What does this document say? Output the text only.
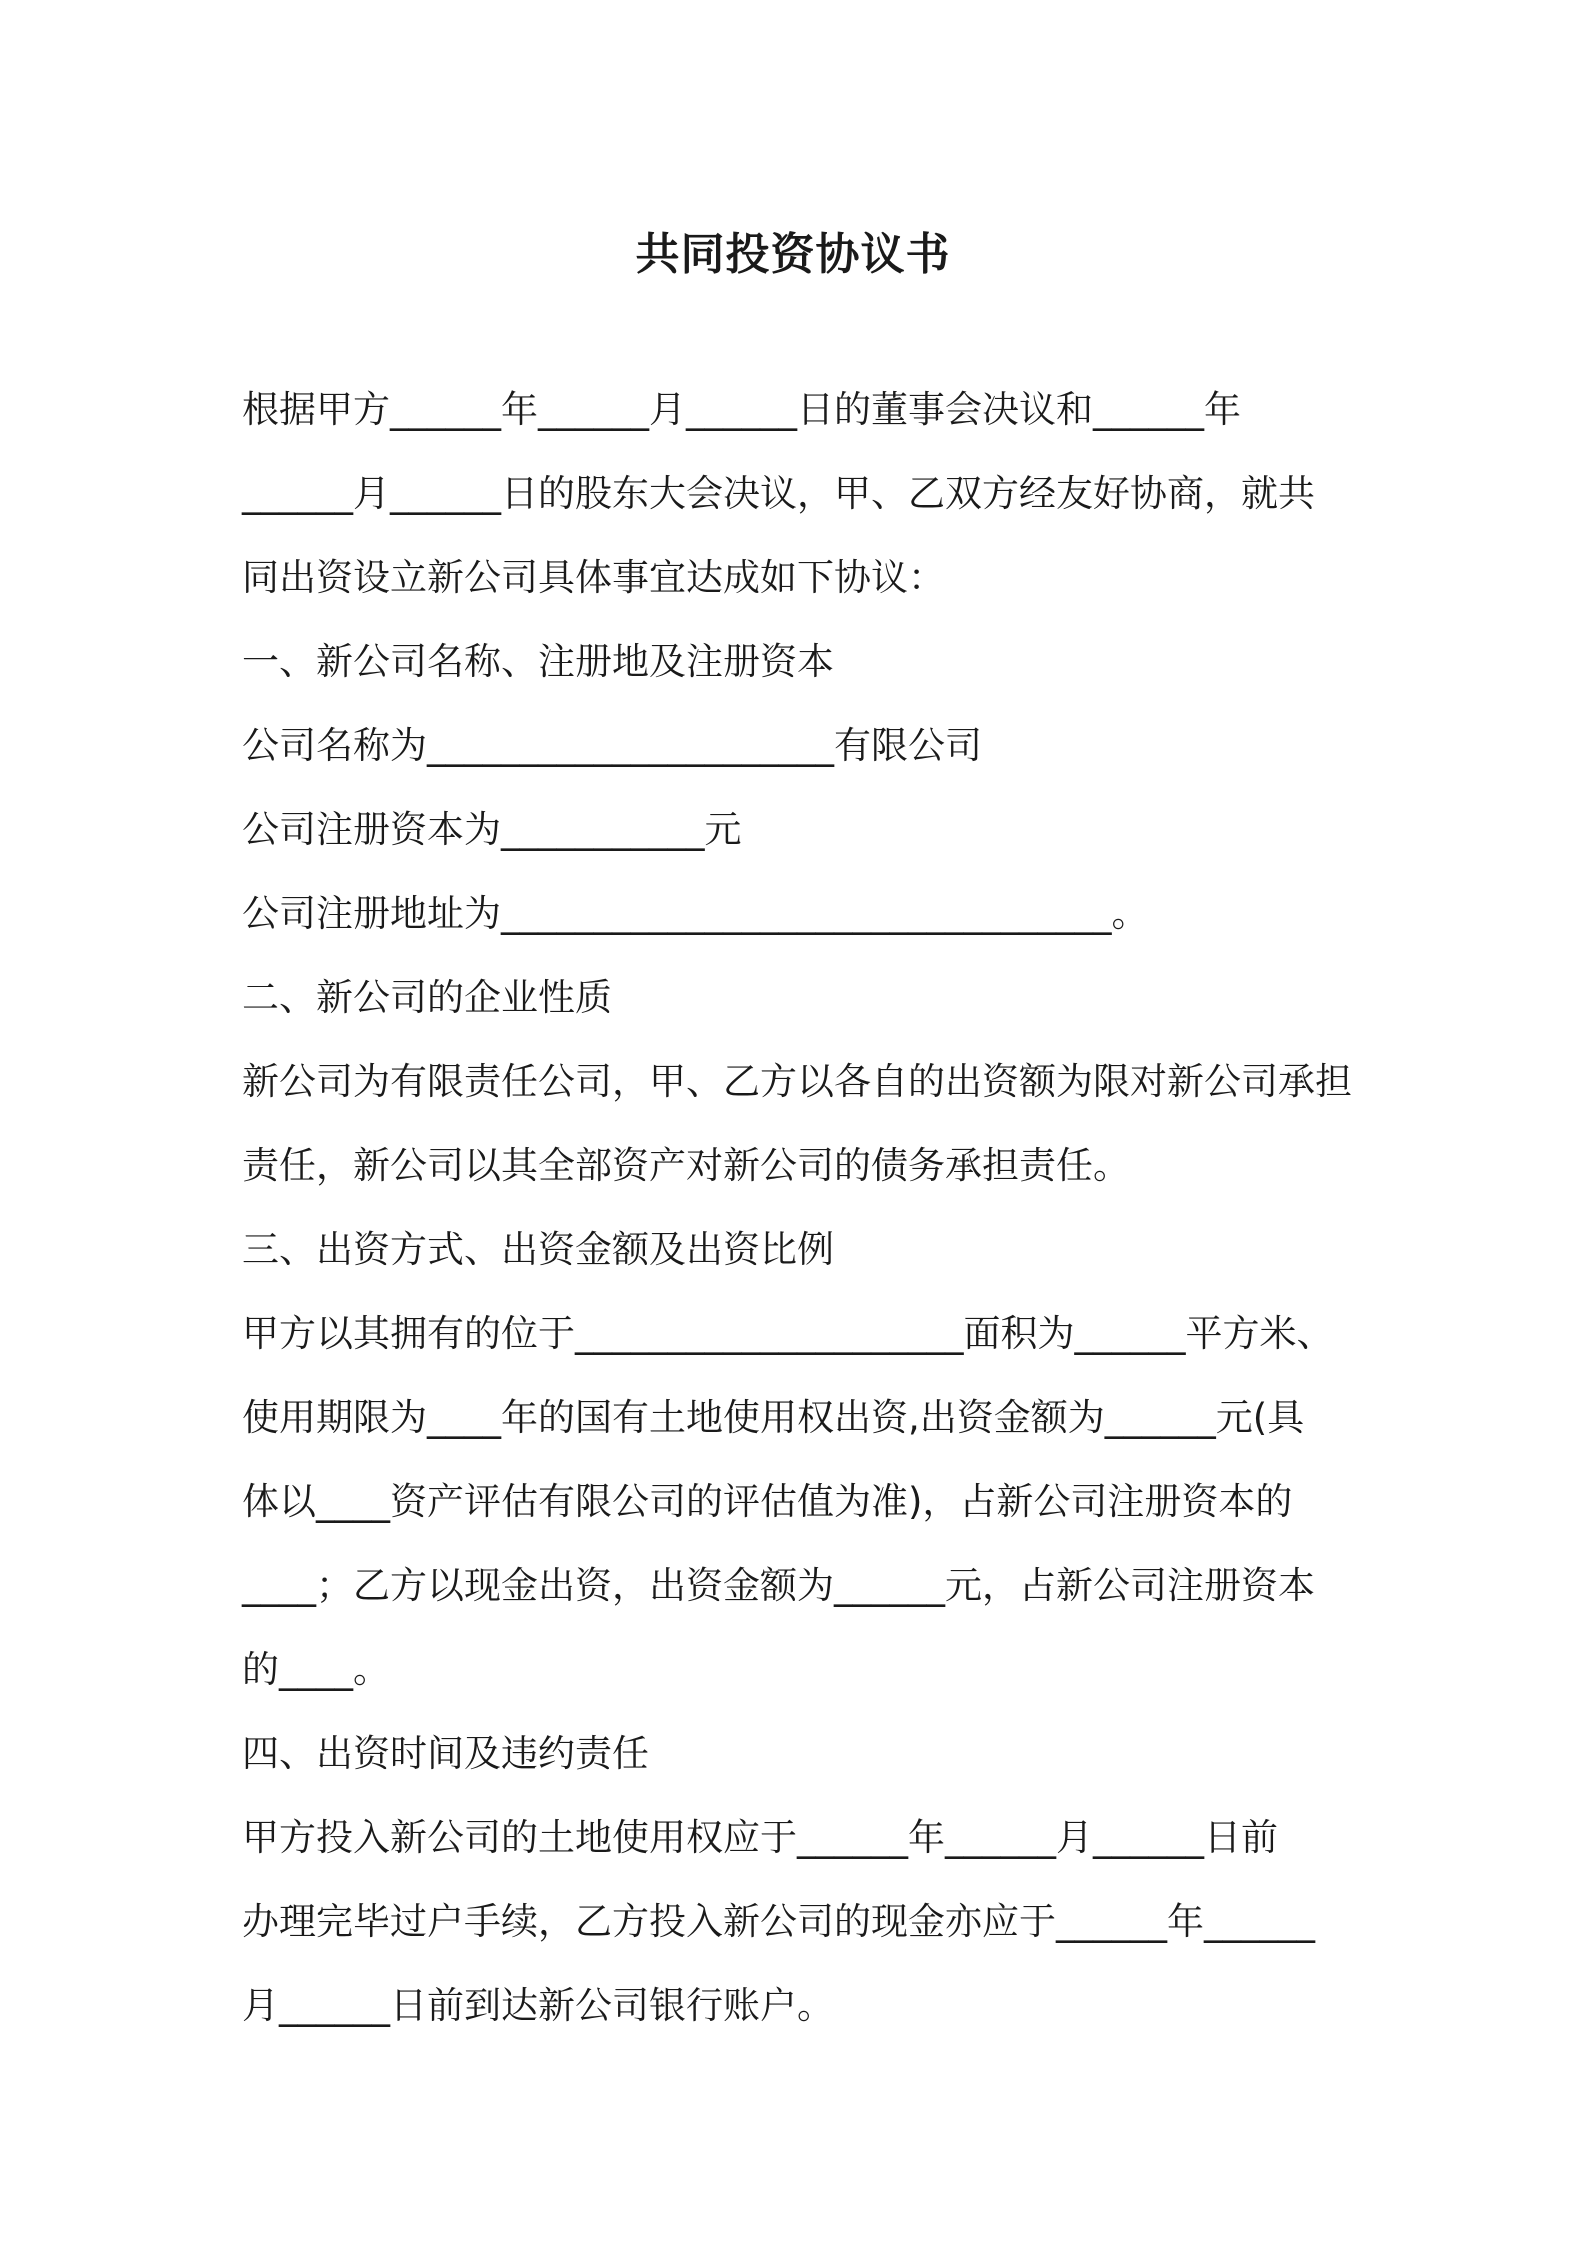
共同投资协议书

根据甲方______年______月______日的董事会决议和______年

______月______日的股东大会决议，甲、乙双方经友好协商，就共

同出资设立新公司具体事宜达成如下协议：

一、新公司名称、注册地及注册资本

公司名称为______________________有限公司

公司注册资本为___________元

公司注册地址为_________________________________。

二、新公司的企业性质

新公司为有限责任公司，甲、乙方以各自的出资额为限对新公司承担

责任，新公司以其全部资产对新公司的债务承担责任。

三、出资方式、出资金额及出资比例

甲方以其拥有的位于_____________________面积为______平方米、

使用期限为____年的国有土地使用权出资,出资金额为______元(具

体以____资产评估有限公司的评估值为准)，占新公司注册资本的

____；乙方以现金出资，出资金额为______元，占新公司注册资本

的____。

四、出资时间及违约责任

甲方投入新公司的土地使用权应于______年______月______日前

办理完毕过户手续，乙方投入新公司的现金亦应于______年______

月______日前到达新公司银行账户。
